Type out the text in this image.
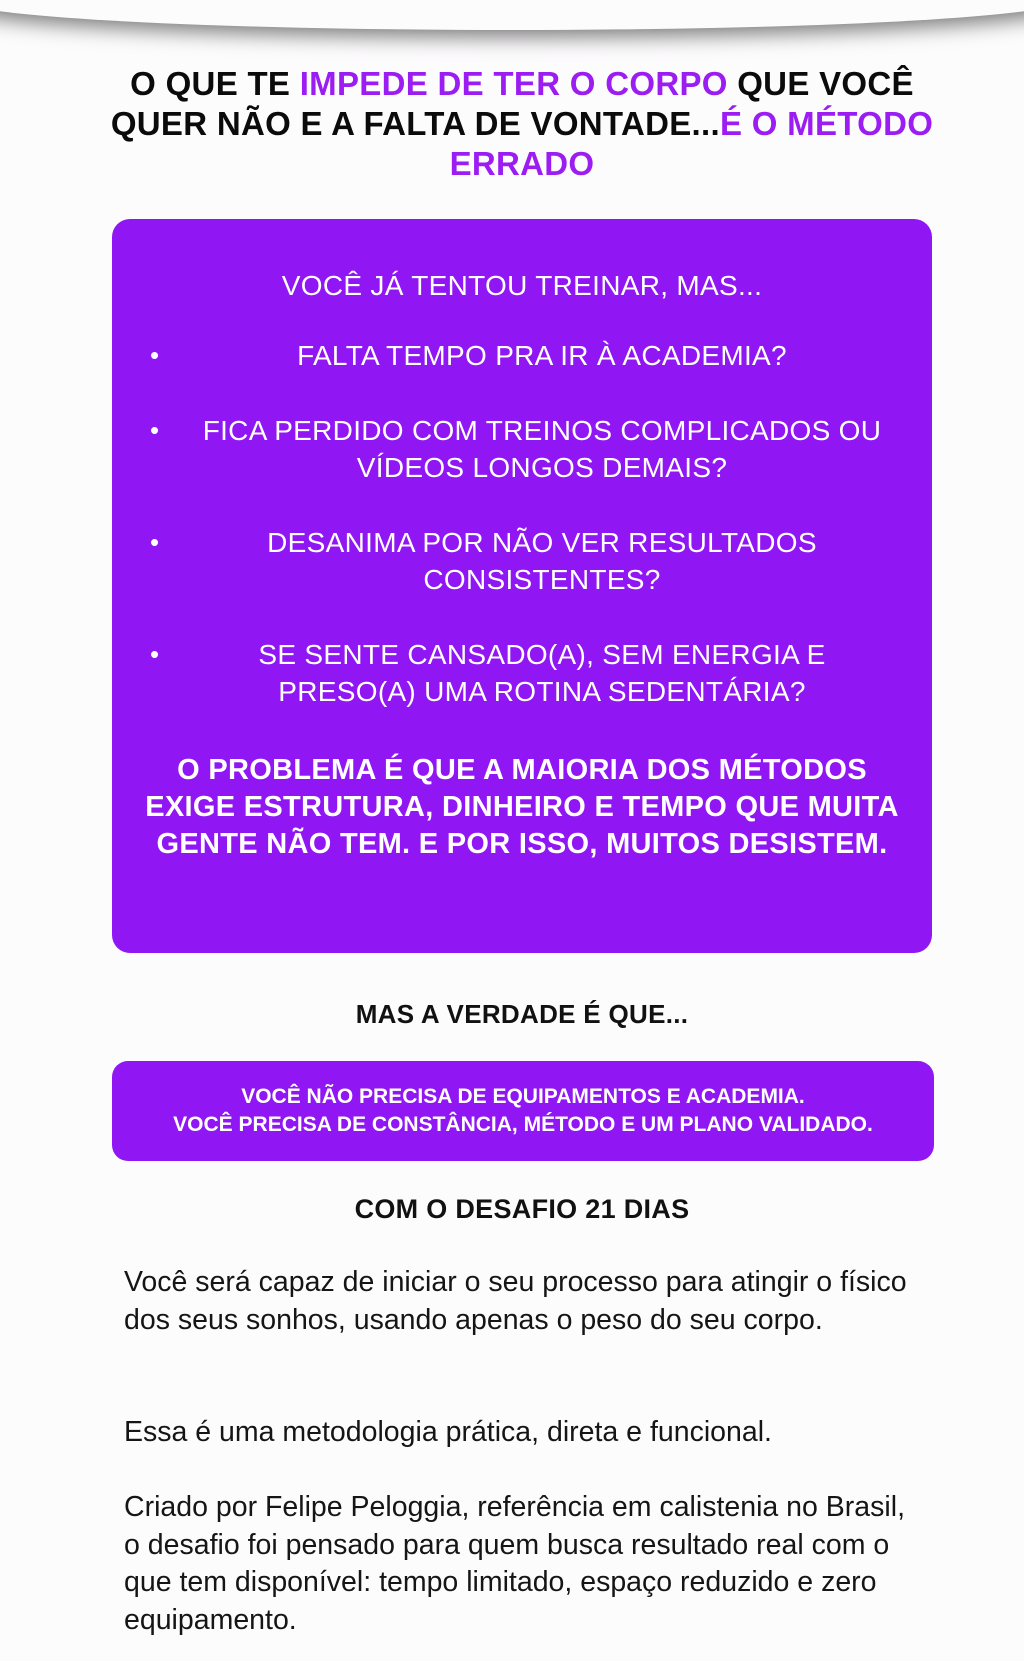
O QUE TE IMPEDE DE TER O CORPO QUE VOCÊ QUER NÃO E A FALTA DE VONTADE...É O MÉTODO ERRADO

VOCÊ JÁ TENTOU TREINAR, MAS...

•	FALTA TEMPO PRA IR À ACADEMIA?
•	FICA PERDIDO COM TREINOS COMPLICADOS OU VÍDEOS LONGOS DEMAIS?
•	DESANIMA POR NÃO VER RESULTADOS CONSISTENTES?
•	SE SENTE CANSADO(A), SEM ENERGIA E PRESO(A) UMA ROTINA SEDENTÁRIA?

O PROBLEMA É QUE A MAIORIA DOS MÉTODOS EXIGE ESTRUTURA, DINHEIRO E TEMPO QUE MUITA GENTE NÃO TEM. E POR ISSO, MUITOS DESISTEM.

MAS A VERDADE É QUE...
VOCÊ NÃO PRECISA DE EQUIPAMENTOS E ACADEMIA.
VOCÊ PRECISA DE CONSTÂNCIA, MÉTODO E UM PLANO VALIDADO.
COM O DESAFIO 21 DIAS

Você será capaz de iniciar o seu processo para atingir o físico dos seus sonhos, usando apenas o peso do seu corpo.

Essa é uma metodologia prática, direta e funcional.

Criado por Felipe Peloggia, referência em calistenia no Brasil, o desafio foi pensado para quem busca resultado real com o que tem disponível: tempo limitado, espaço reduzido e zero equipamento.
